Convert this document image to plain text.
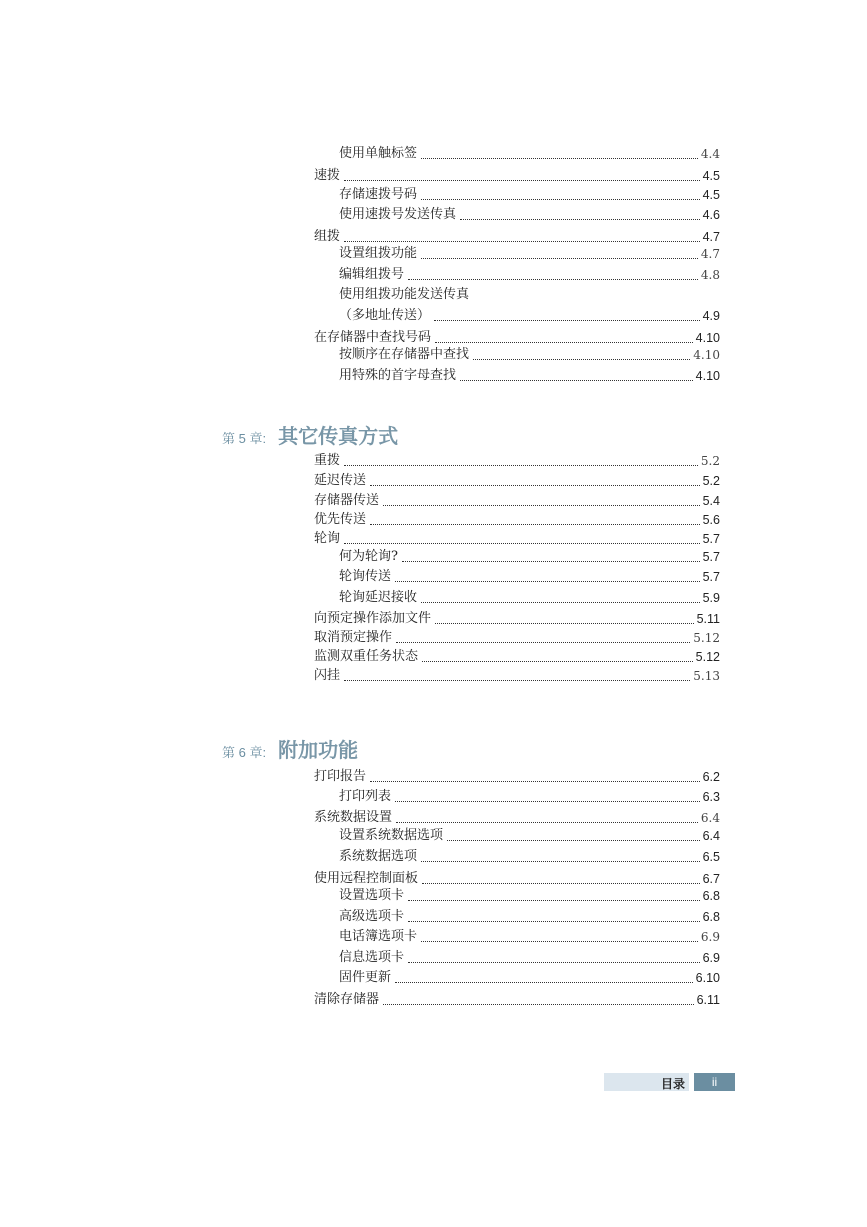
使用单触标签	4.4
速拨	4.5
存储速拨号码	4.5
使用速拨号发送传真	4.6
组拨	4.7
设置组拨功能	4.7
编辑组拨号	4.8
使用组拨功能发送传真
（多地址传送）	4.9
在存储器中查找号码	4.10
按顺序在存储器中查找	4.10
用特殊的首字母查找	4.10
第 5 章: 其它传真方式
重拨	5.2
延迟传送	5.2
存储器传送	5.4
优先传送	5.6
轮询	5.7
何为轮询?	5.7
轮询传送	5.7
轮询延迟接收	5.9
向预定操作添加文件	5.11
取消预定操作	5.12
监测双重任务状态	5.12
闪挂	5.13
第 6 章: 附加功能
打印报告	6.2
打印列表	6.3
系统数据设置	6.4
设置系统数据选项	6.4
系统数据选项	6.5
使用远程控制面板	6.7
设置选项卡	6.8
高级选项卡	6.8
电话簿选项卡	6.9
信息选项卡	6.9
固件更新	6.10
清除存储器	6.11
目录	ii
